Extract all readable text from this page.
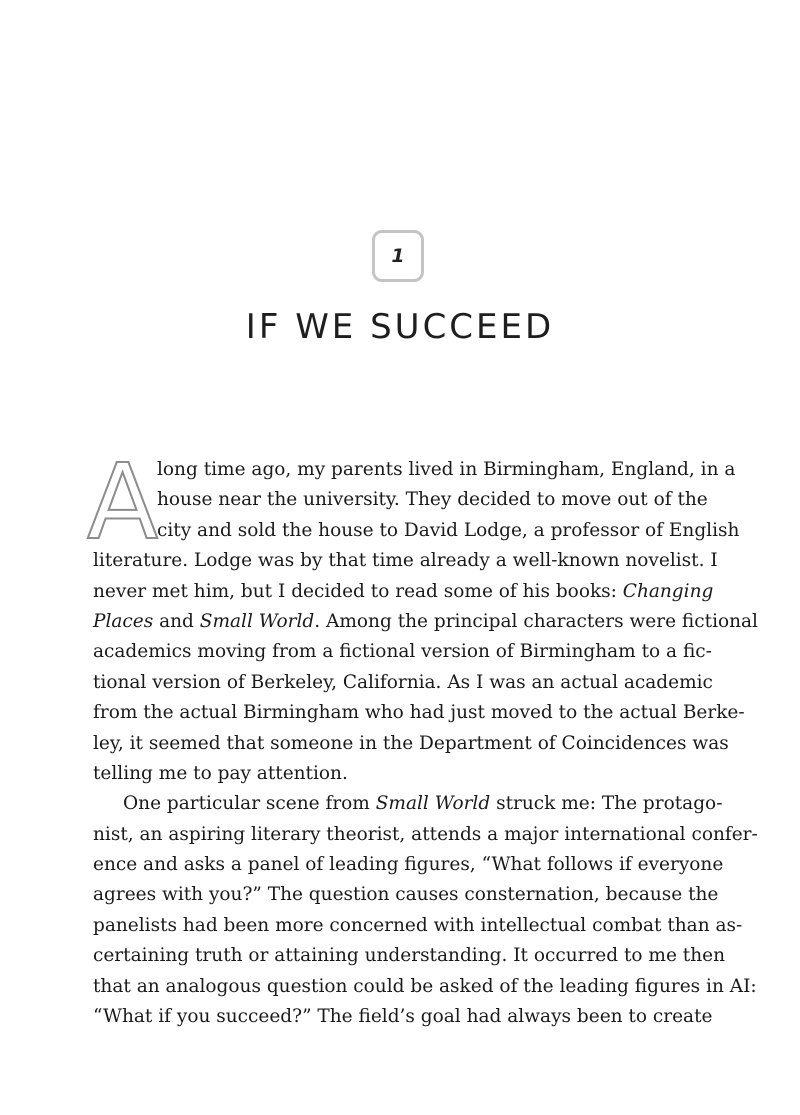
1
IF WE SUCCEED
A
long time ago, my parents lived in Birmingham, England, in a
house near the university. They decided to move out of the
city and sold the house to David Lodge, a professor of English
literature. Lodge was by that time already a well-known novelist. I
never met him, but I decided to read some of his books: Changing
Places and Small World. Among the principal characters were fictional
academics moving from a fictional version of Birmingham to a fic-
tional version of Berkeley, California. As I was an actual academic
from the actual Birmingham who had just moved to the actual Berke-
ley, it seemed that someone in the Department of Coincidences was
telling me to pay attention.
One particular scene from Small World struck me: The protago-
nist, an aspiring literary theorist, attends a major international confer-
ence and asks a panel of leading figures, “What follows if everyone
agrees with you?” The question causes consternation, because the
panelists had been more concerned with intellectual combat than as-
certaining truth or attaining understanding. It occurred to me then
that an analogous question could be asked of the leading figures in AI:
“What if you succeed?” The field’s goal had always been to create
